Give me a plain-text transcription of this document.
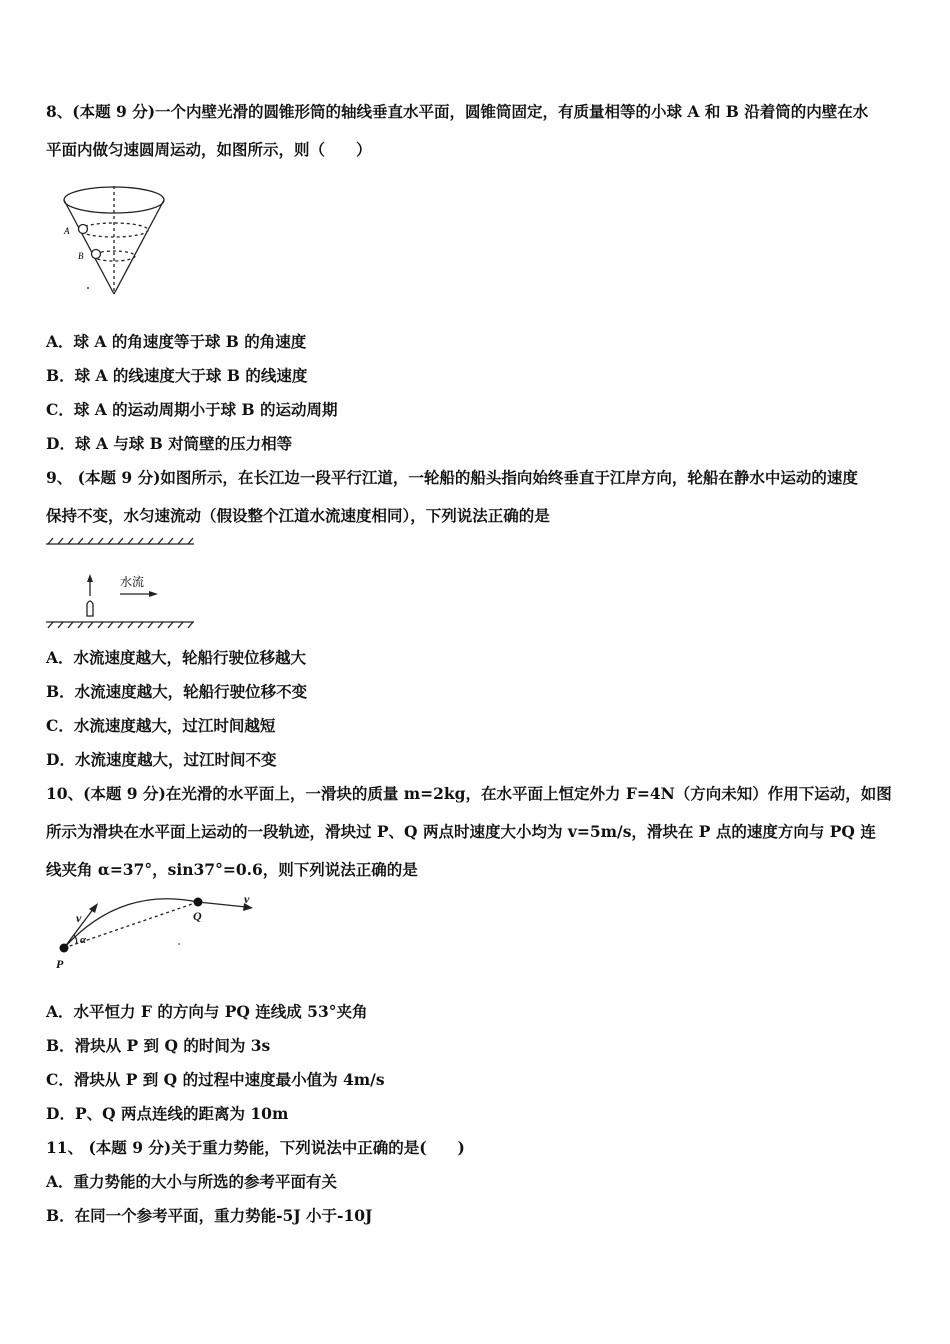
8、(本题 9 分)一个内壁光滑的圆锥形筒的轴线垂直水平面，圆锥筒固定，有质量相等的小球 A 和 B 沿着筒的内壁在水
平面内做匀速圆周运动，如图所示，则（　　）
A
B
A．球 A 的角速度等于球 B 的角速度
B．球 A 的线速度大于球 B 的线速度
C．球 A 的运动周期小于球 B 的运动周期
D．球 A 与球 B 对筒壁的压力相等
9、 (本题 9 分)如图所示，在长江边一段平行江道，一轮船的船头指向始终垂直于江岸方向，轮船在静水中运动的速度
保持不变，水匀速流动（假设整个江道水流速度相同），下列说法正确的是
水流
A．水流速度越大，轮船行驶位移越大
B．水流速度越大，轮船行驶位移不变
C．水流速度越大，过江时间越短
D．水流速度越大，过江时间不变
10、(本题 9 分)在光滑的水平面上，一滑块的质量 m=2kg，在水平面上恒定外力 F=4N（方向未知）作用下运动，如图
所示为滑块在水平面上运动的一段轨迹，滑块过 P、Q 两点时速度大小均为 v=5m/s，滑块在 P 点的速度方向与 PQ 连
线夹角 α=37°，sin37°=0.6，则下列说法正确的是
P
Q
v
v
α
A．水平恒力 F 的方向与 PQ 连线成 53°夹角
B．滑块从 P 到 Q 的时间为 3s
C．滑块从 P 到 Q 的过程中速度最小值为 4m/s
D．P、Q 两点连线的距离为 10m
11、 (本题 9 分)关于重力势能，下列说法中正确的是(　　)
A．重力势能的大小与所选的参考平面有关
B．在同一个参考平面，重力势能-5J 小于-10J
